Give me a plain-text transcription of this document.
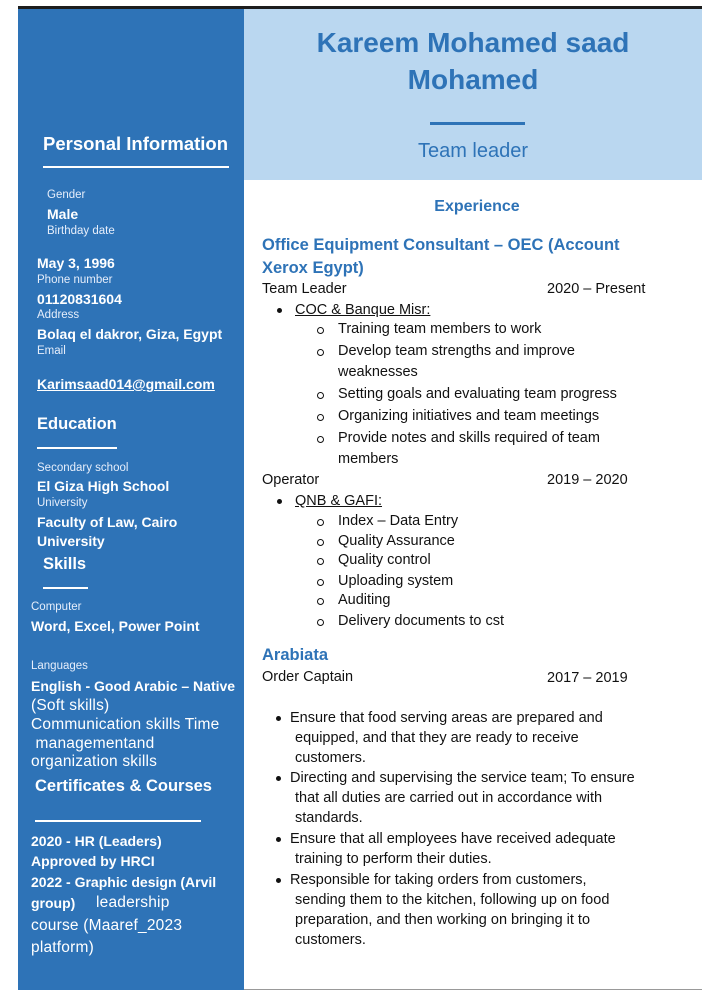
Kareem Mohamed saad
Mohamed
Team leader
Personal Information
Gender
Male
Birthday date
May 3, 1996
Phone number
01120831604
Address
Bolaq el dakror, Giza, Egypt
Email
Karimsaad014@gmail.com
Education
Secondary school
El Giza High School
University
Faculty of Law, Cairo
University
Skills
Computer
Word, Excel, Power Point
Languages
English - Good Arabic – Native
(Soft skills)
Communication skills Time
managementand
organization skills
Certificates & Courses
2020 - HR (Leaders)
Approved by HRCI
2022 - Graphic design (Arvil
group) leadership
course (Maaref_2023
platform)
Experience
Office Equipment Consultant – OEC (Account
Xerox Egypt)
Team Leader	2020 – Present
COC & Banque Misr:
Training team members to work
Develop team strengths and improve
weaknesses
Setting goals and evaluating team progress
Organizing initiatives and team meetings
Provide notes and skills required of team
members
Operator	2019 – 2020
QNB & GAFI:
Index – Data Entry
Quality Assurance
Quality control
Uploading system
Auditing
Delivery documents to cst
Arabiata
Order Captain	2017 – 2019
Ensure that food serving areas are prepared and
equipped, and that they are ready to receive
customers.
Directing and supervising the service team; To ensure
that all duties are carried out in accordance with
standards.
Ensure that all employees have received adequate
training to perform their duties.
Responsible for taking orders from customers,
sending them to the kitchen, following up on food
preparation, and then working on bringing it to
customers.
